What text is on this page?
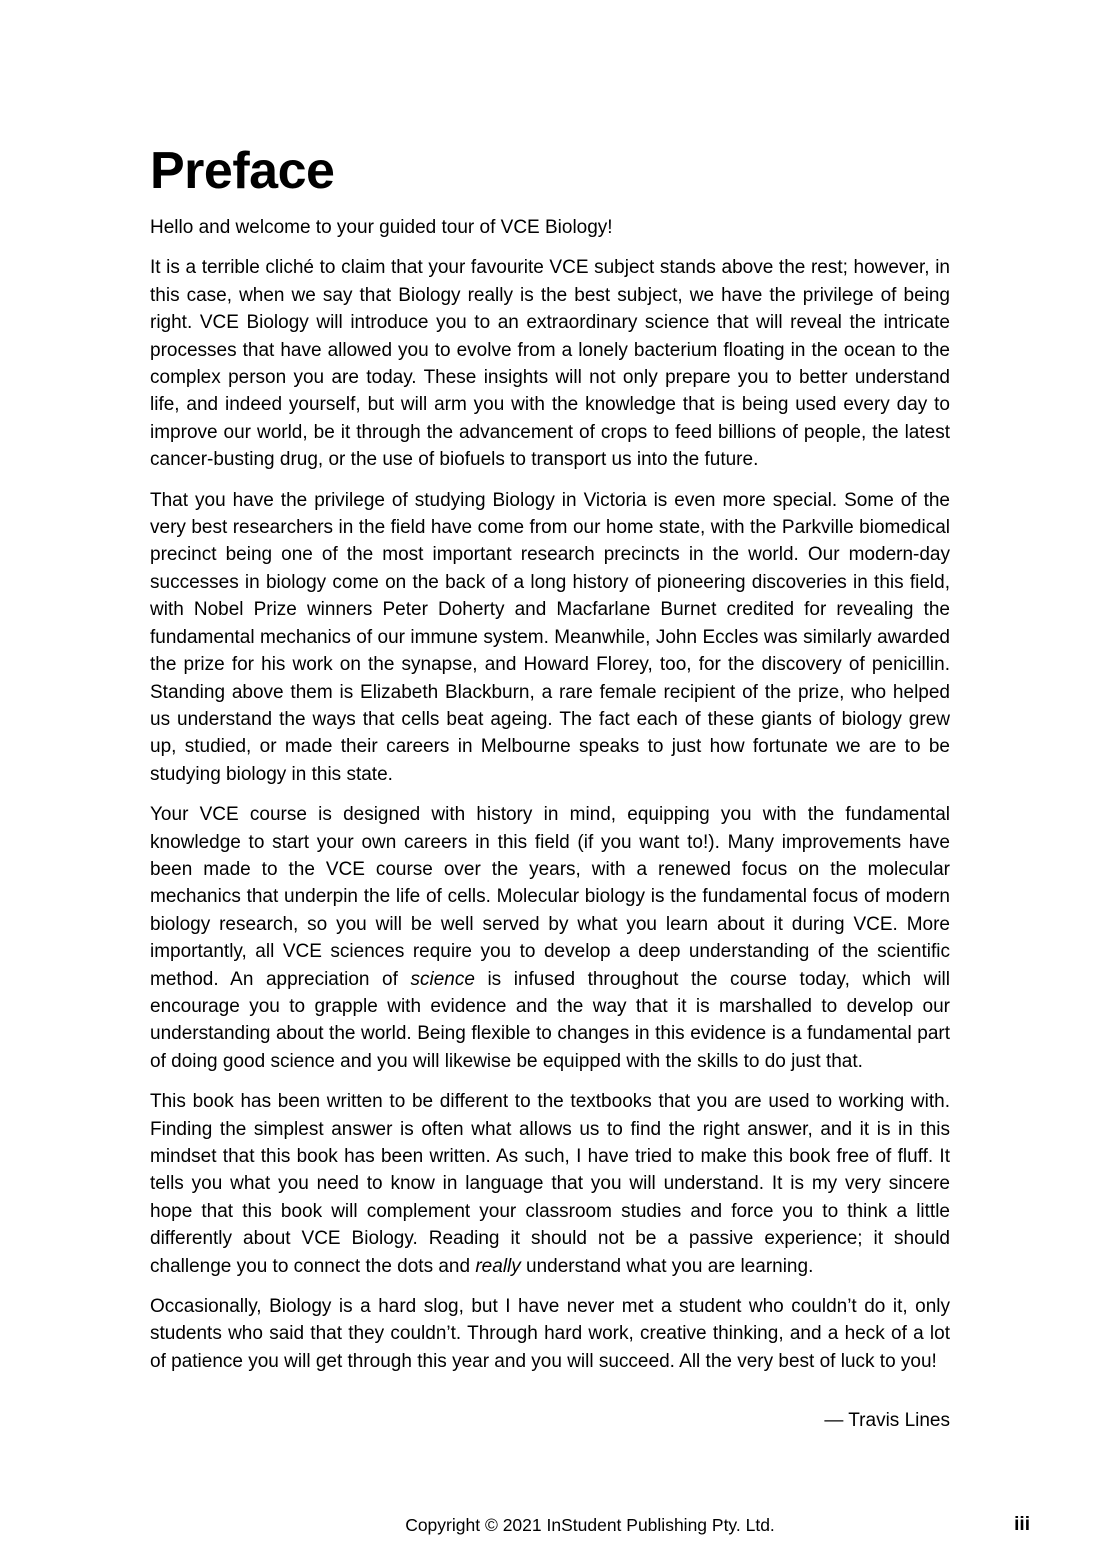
Preface

Hello and welcome to your guided tour of VCE Biology!

It is a terrible cliché to claim that your favourite VCE subject stands above the rest; however, in this case, when we say that Biology really is the best subject, we have the privilege of being right. VCE Biology will introduce you to an extraordinary science that will reveal the intricate processes that have allowed you to evolve from a lonely bacterium floating in the ocean to the complex person you are today. These insights will not only prepare you to better understand life, and indeed yourself, but will arm you with the knowledge that is being used every day to improve our world, be it through the advancement of crops to feed billions of people, the latest cancer-busting drug, or the use of biofuels to transport us into the future.

That you have the privilege of studying Biology in Victoria is even more special. Some of the very best researchers in the field have come from our home state, with the Parkville biomedical precinct being one of the most important research precincts in the world. Our modern-day successes in biology come on the back of a long history of pioneering discoveries in this field, with Nobel Prize winners Peter Doherty and Macfarlane Burnet credited for revealing the fundamental mechanics of our immune system. Meanwhile, John Eccles was similarly awarded the prize for his work on the synapse, and Howard Florey, too, for the discovery of penicillin. Standing above them is Elizabeth Blackburn, a rare female recipient of the prize, who helped us understand the ways that cells beat ageing. The fact each of these giants of biology grew up, studied, or made their careers in Melbourne speaks to just how fortunate we are to be studying biology in this state.

Your VCE course is designed with history in mind, equipping you with the fundamental knowledge to start your own careers in this field (if you want to!). Many improvements have been made to the VCE course over the years, with a renewed focus on the molecular mechanics that underpin the life of cells. Molecular biology is the fundamental focus of modern biology research, so you will be well served by what you learn about it during VCE. More importantly, all VCE sciences require you to develop a deep understanding of the scientific method. An appreciation of science is infused throughout the course today, which will encourage you to grapple with evidence and the way that it is marshalled to develop our understanding about the world. Being flexible to changes in this evidence is a fundamental part of doing good science and you will likewise be equipped with the skills to do just that.

This book has been written to be different to the textbooks that you are used to working with. Finding the simplest answer is often what allows us to find the right answer, and it is in this mindset that this book has been written. As such, I have tried to make this book free of fluff. It tells you what you need to know in language that you will understand. It is my very sincere hope that this book will complement your classroom studies and force you to think a little differently about VCE Biology. Reading it should not be a passive experience; it should challenge you to connect the dots and really understand what you are learning.

Occasionally, Biology is a hard slog, but I have never met a student who couldn’t do it, only students who said that they couldn’t. Through hard work, creative thinking, and a heck of a lot of patience you will get through this year and you will succeed. All the very best of luck to you!

— Travis Lines
Copyright © 2021 InStudent Publishing Pty. Ltd.	iii
